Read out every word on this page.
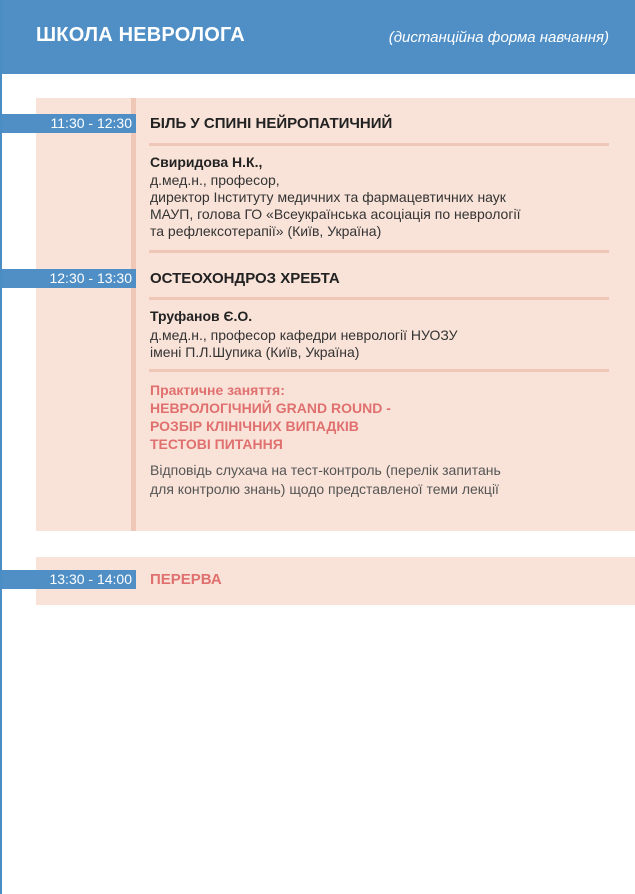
ШКОЛА НЕВРОЛОГА	(дистанційна форма навчання)
11:30 - 12:30 БІЛЬ У СПИНІ НЕЙРОПАТИЧНИЙ
Свиридова Н.К.,
д.мед.н., професор,
директор Інституту медичних та фармацевтичних наук
МАУП, голова ГО «Всеукраїнська асоціація по неврології
та рефлексотерапії» (Київ, Україна)
12:30 - 13:30 ОСТЕОХОНДРОЗ ХРЕБТА
Труфанов Є.О.
д.мед.н., професор кафедри неврології НУОЗУ
імені П.Л.Шупика (Київ, Україна)
Практичне заняття:
НЕВРОЛОГІЧНИЙ GRAND ROUND -
РОЗБІР КЛІНІЧНИХ ВИПАДКІВ
ТЕСТОВІ ПИТАННЯ
Відповідь слухача на тест-контроль (перелік запитань
для контролю знань) щодо представленої теми лекції
13:30 - 14:00 ПЕРЕРВА
